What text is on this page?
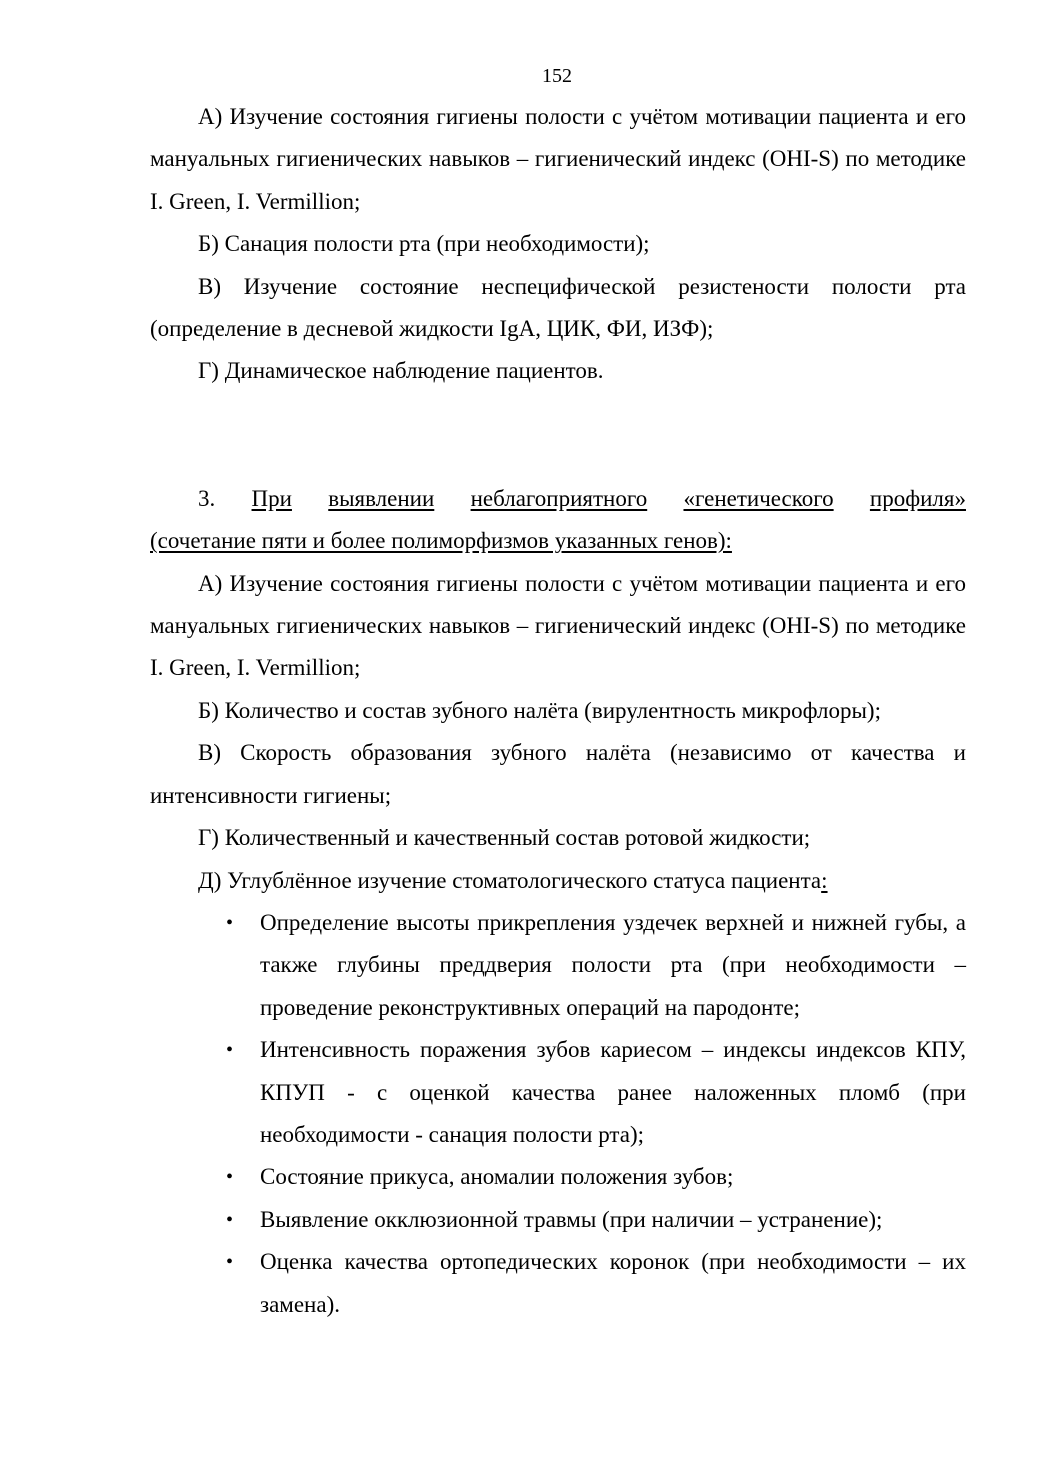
152

А) Изучение состояния гигиены полости с учётом мотивации пациента и его мануальных гигиенических навыков – гигиенический индекс (OHI-S) по методике I. Green, I. Vermillion;

Б) Санация полости рта (при необходимости);

В) Изучение состояние неспецифической резистености полости рта (определение в десневой жидкости IgA, ЦИК, ФИ, ИЗФ);

Г) Динамическое наблюдение пациентов.

3. При выявлении неблагоприятного «генетического профиля»

(сочетание пяти и более полиморфизмов указанных генов):

А) Изучение состояния гигиены полости с учётом мотивации пациента и его мануальных гигиенических навыков – гигиенический индекс (OHI-S) по методике I. Green, I. Vermillion;

Б) Количество и состав зубного налёта (вирулентность микрофлоры);

В) Скорость образования зубного налёта (независимо от качества и интенсивности гигиены;

Г) Количественный и качественный состав ротовой жидкости;

Д) Углублённое изучение стоматологического статуса пациента:

• Определение высоты прикрепления уздечек верхней и нижней губы, а также глубины преддверия полости рта (при необходимости – проведение реконструктивных операций на пародонте;
• Интенсивность поражения зубов кариесом – индексы индексов КПУ, КПУП - с оценкой качества ранее наложенных пломб (при необходимости - санация полости рта);
• Состояние прикуса, аномалии положения зубов;
• Выявление окклюзионной травмы (при наличии – устранение);
• Оценка качества ортопедических коронок (при необходимости – их замена).
